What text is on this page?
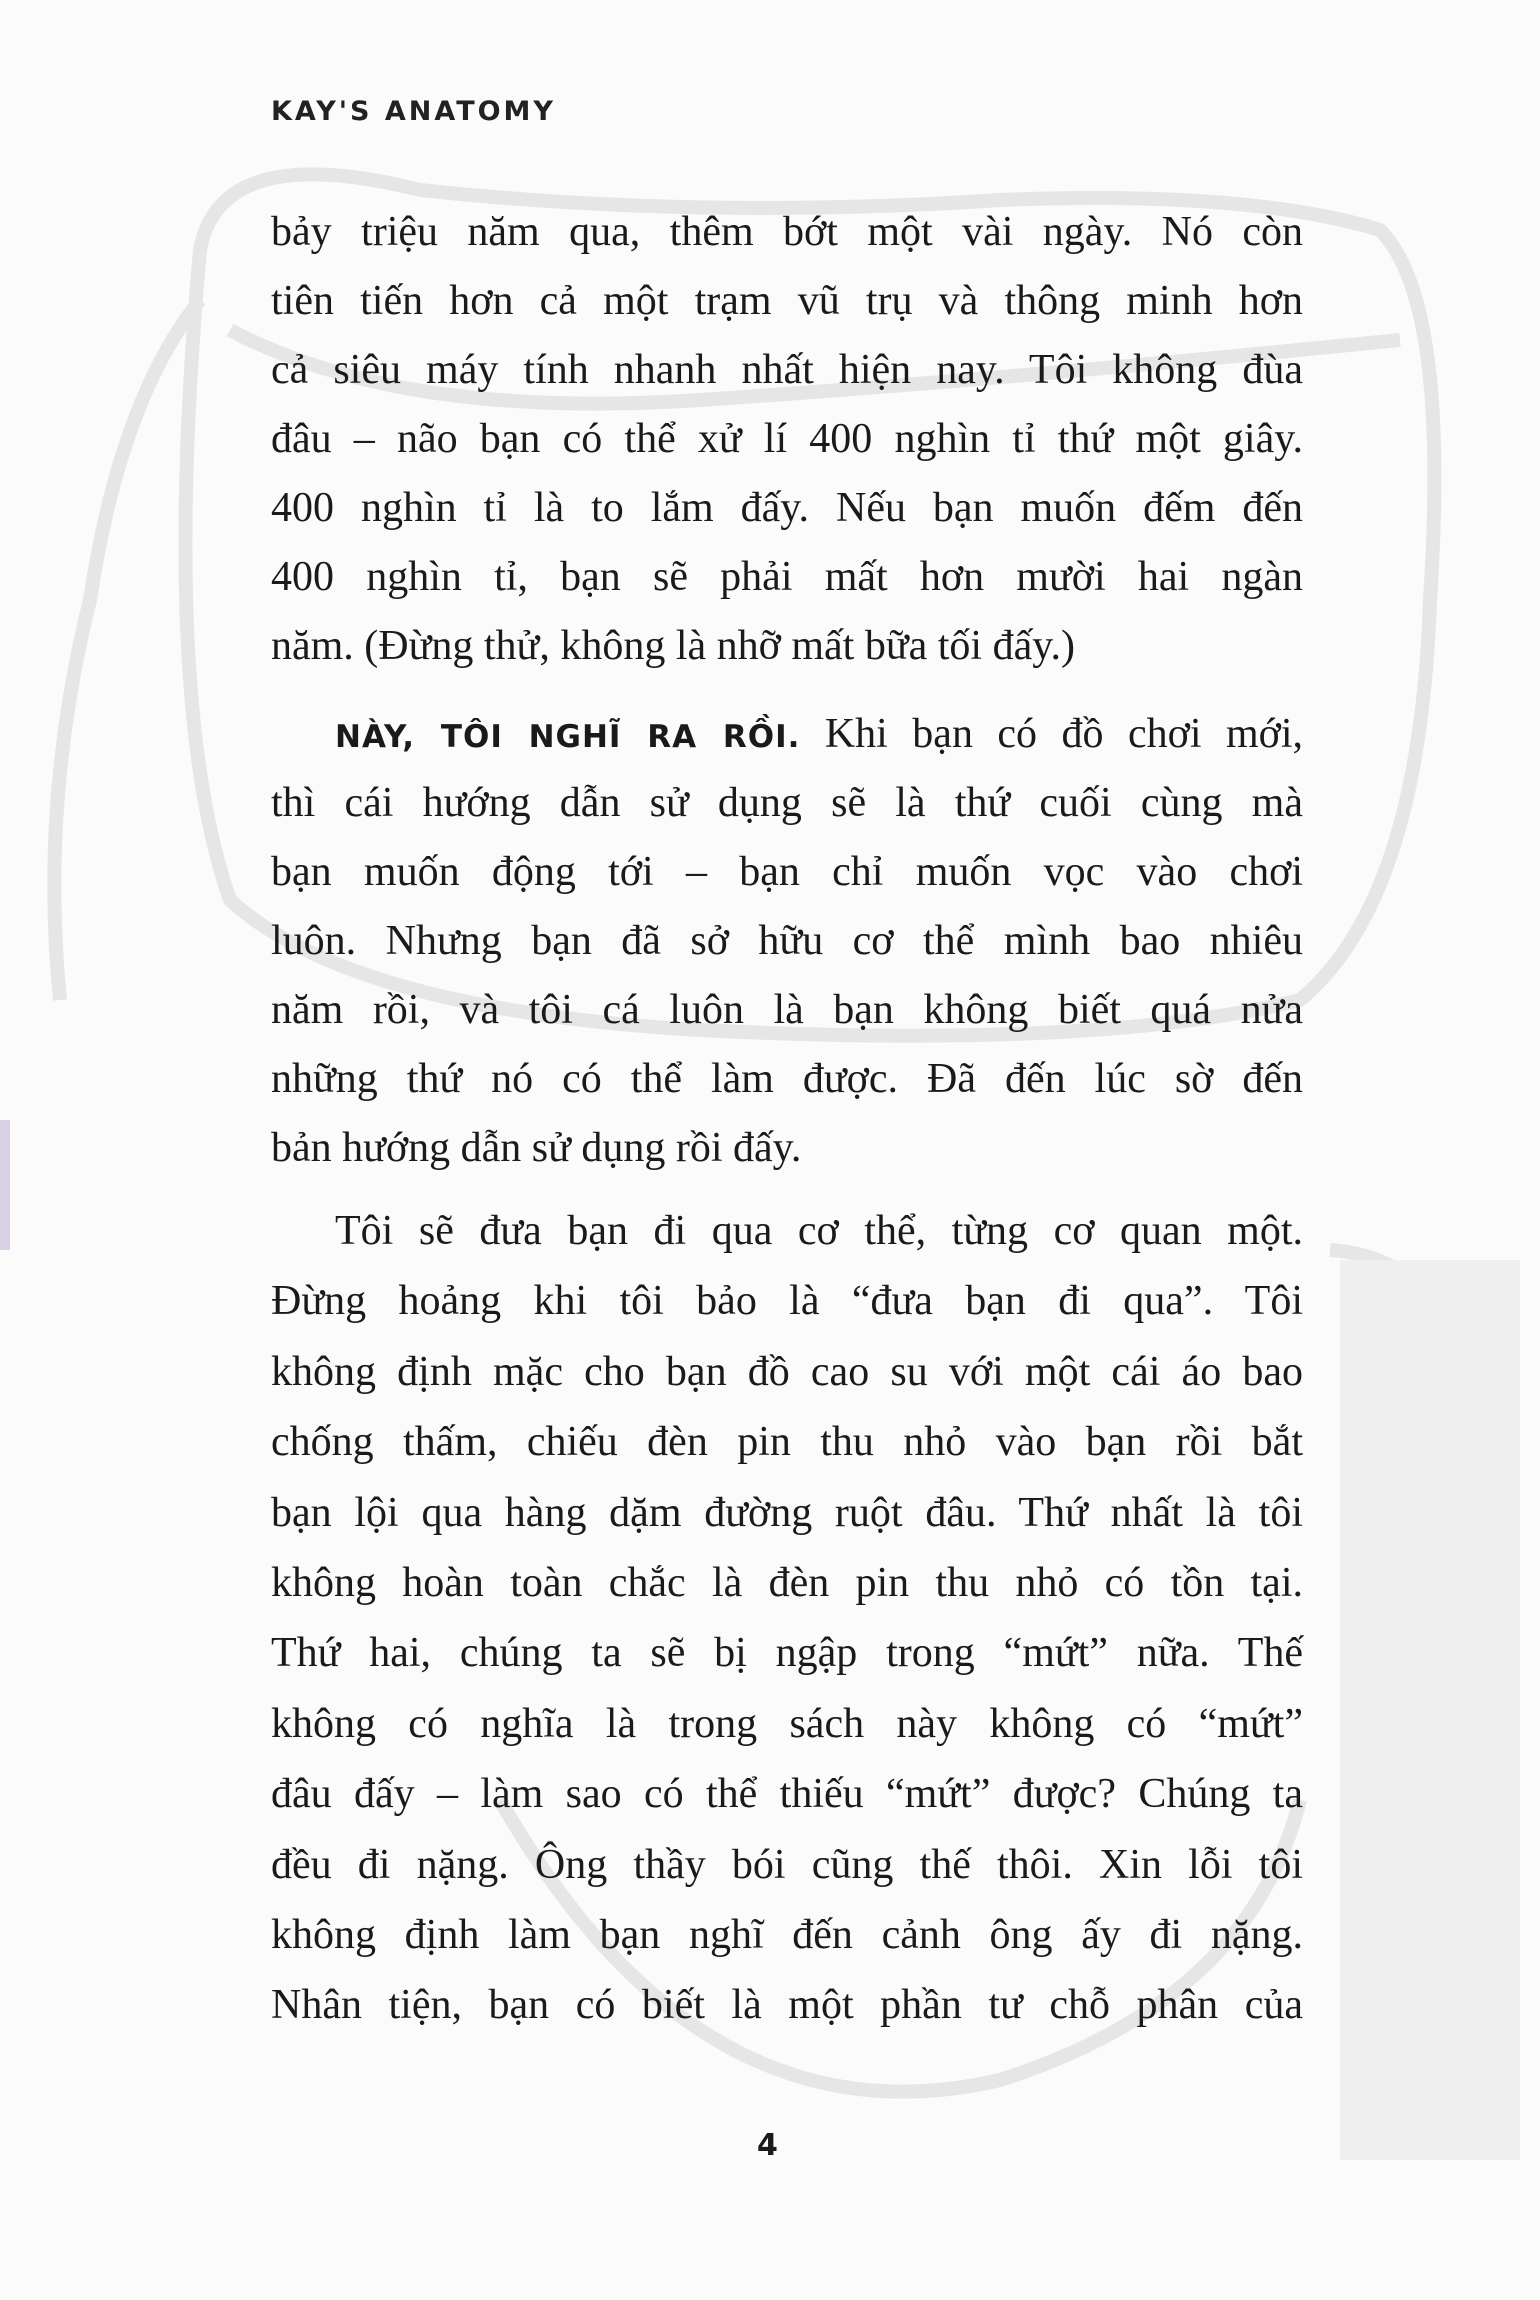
KAY'S ANATOMY
bảy triệu năm qua, thêm bớt một vài ngày. Nó còn
tiên tiến hơn cả một trạm vũ trụ và thông minh hơn
cả siêu máy tính nhanh nhất hiện nay. Tôi không đùa
đâu – não bạn có thể xử lí 400 nghìn tỉ thứ một giây.
400 nghìn tỉ là to lắm đấy. Nếu bạn muốn đếm đến
400 nghìn tỉ, bạn sẽ phải mất hơn mười hai ngàn
năm. (Đừng thử, không là nhỡ mất bữa tối đấy.)
NÀY, TÔI NGHĨ RA RỒI. Khi bạn có đồ chơi mới,
thì cái hướng dẫn sử dụng sẽ là thứ cuối cùng mà
bạn muốn động tới – bạn chỉ muốn vọc vào chơi
luôn. Nhưng bạn đã sở hữu cơ thể mình bao nhiêu
năm rồi, và tôi cá luôn là bạn không biết quá nửa
những thứ nó có thể làm được. Đã đến lúc sờ đến
bản hướng dẫn sử dụng rồi đấy.
Tôi sẽ đưa bạn đi qua cơ thể, từng cơ quan một.
Đừng hoảng khi tôi bảo là “đưa bạn đi qua”. Tôi
không định mặc cho bạn đồ cao su với một cái áo bao
chống thấm, chiếu đèn pin thu nhỏ vào bạn rồi bắt
bạn lội qua hàng dặm đường ruột đâu. Thứ nhất là tôi
không hoàn toàn chắc là đèn pin thu nhỏ có tồn tại.
Thứ hai, chúng ta sẽ bị ngập trong “mứt” nữa. Thế
không có nghĩa là trong sách này không có “mứt”
đâu đấy – làm sao có thể thiếu “mứt” được? Chúng ta
đều đi nặng. Ông thầy bói cũng thế thôi. Xin lỗi tôi
không định làm bạn nghĩ đến cảnh ông ấy đi nặng.
Nhân tiện, bạn có biết là một phần tư chỗ phân của
4
